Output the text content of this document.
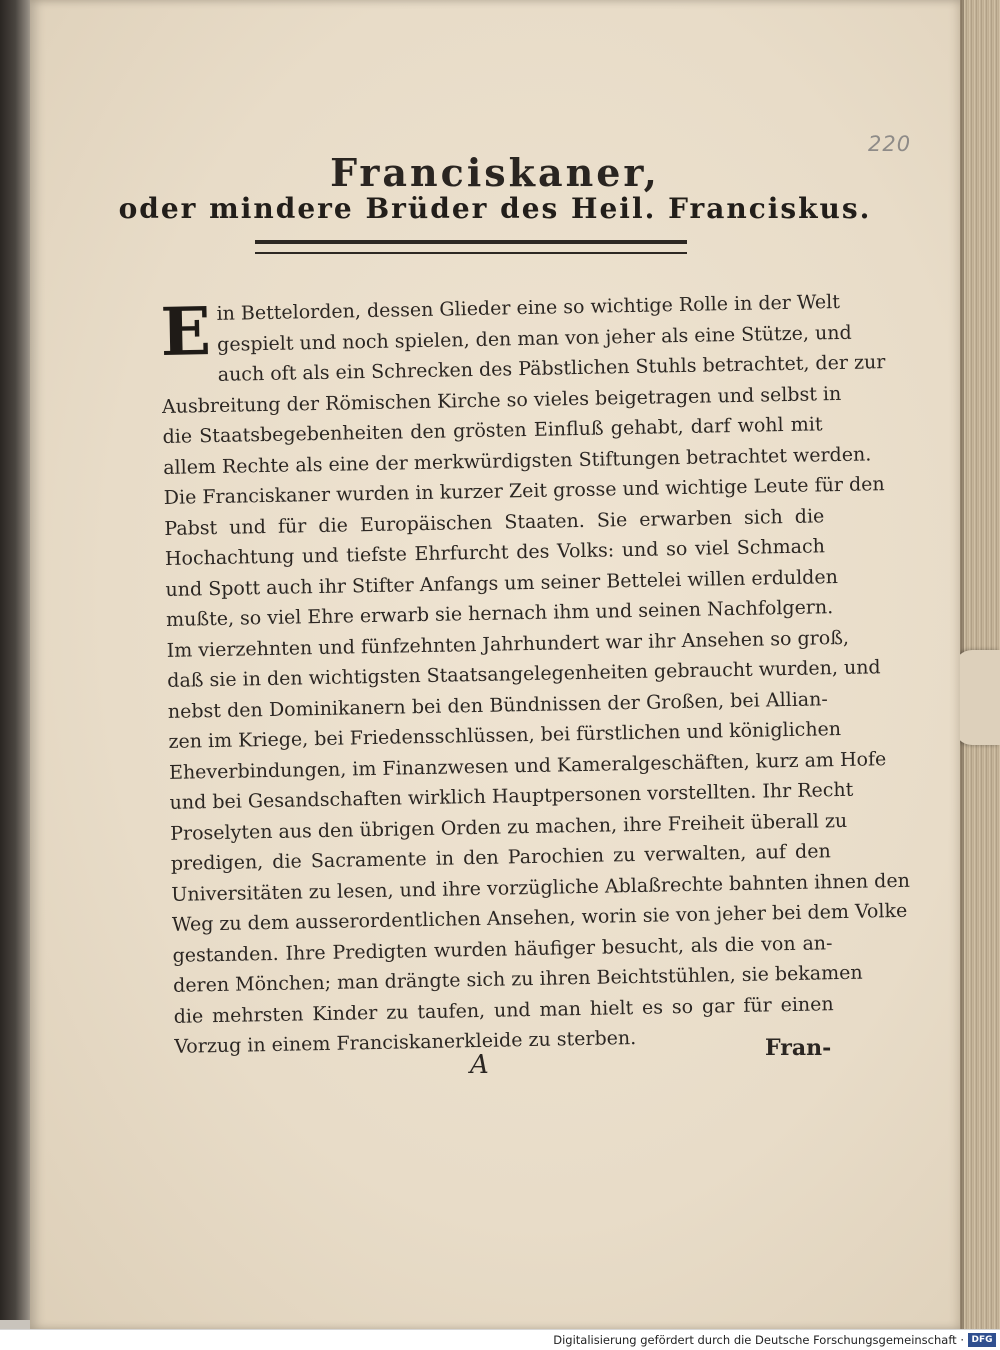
220
Franciskaner,
oder mindere Brüder des Heil. Franciskus.
E in Bettelorden, dessen Glieder eine so wichtige Rolle in der Welt
gespielt und noch spielen, den man von jeher als eine Stütze, und
auch oft als ein Schrecken des Päbstlichen Stuhls betrachtet, der zur
Ausbreitung der Römischen Kirche so vieles beigetragen und selbst in
die Staatsbegebenheiten den grösten Einfluß gehabt, darf wohl mit
allem Rechte als eine der merkwürdigsten Stiftungen betrachtet werden.
Die Franciskaner wurden in kurzer Zeit grosse und wichtige Leute für den
Pabst und für die Europäischen Staaten. Sie erwarben sich die
Hochachtung und tiefste Ehrfurcht des Volks: und so viel Schmach
und Spott auch ihr Stifter Anfangs um seiner Bettelei willen erdulden
mußte, so viel Ehre erwarb sie hernach ihm und seinen Nachfolgern.
Im vierzehnten und fünfzehnten Jahrhundert war ihr Ansehen so groß,
daß sie in den wichtigsten Staatsangelegenheiten gebraucht wurden, und
nebst den Dominikanern bei den Bündnissen der Großen, bei Allian-
zen im Kriege, bei Friedensschlüssen, bei fürstlichen und königlichen
Eheverbindungen, im Finanzwesen und Kameralgeschäften, kurz am Hofe
und bei Gesandschaften wirklich Hauptpersonen vorstellten. Ihr Recht
Proselyten aus den übrigen Orden zu machen, ihre Freiheit überall zu
predigen, die Sacramente in den Parochien zu verwalten, auf den
Universitäten zu lesen, und ihre vorzügliche Ablaßrechte bahnten ihnen den
Weg zu dem ausserordentlichen Ansehen, worin sie von jeher bei dem Volke
gestanden. Ihre Predigten wurden häufiger besucht, als die von an-
deren Mönchen; man drängte sich zu ihren Beichtstühlen, sie bekamen
die mehrsten Kinder zu taufen, und man hielt es so gar für einen
Vorzug in einem Franciskanerkleide zu sterben.
A
Fran-
Digitalisierung gefördert durch die Deutsche Forschungsgemeinschaft · DFG
